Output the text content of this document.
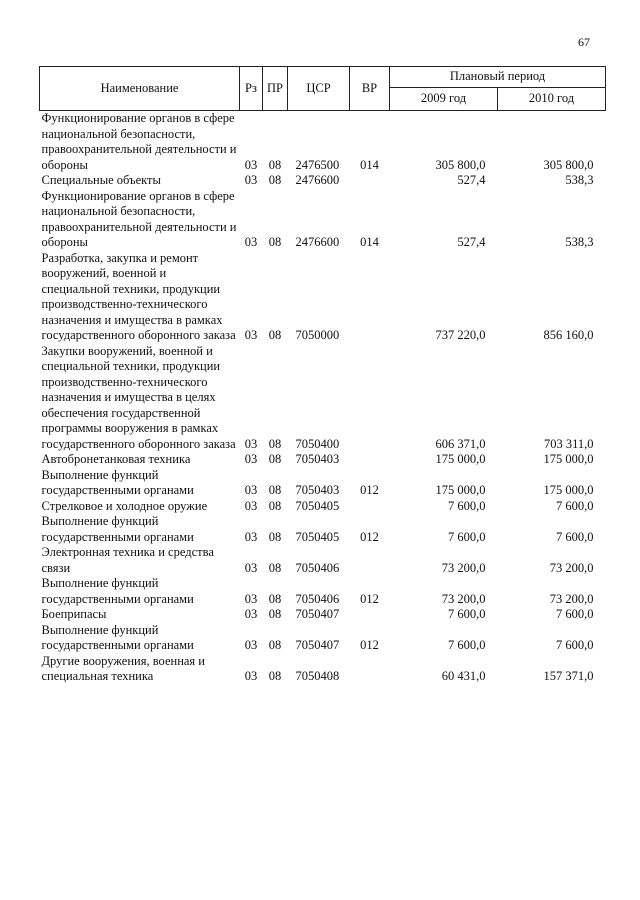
67
Наименование	Рз	ПР	ЦСР	ВР	Плановый период	
					2009 год	2010 год
Функционирование органов в сфере национальной безопасности, правоохранительной деятельности и обороны	03	08	2476500	014	305 800,0	305 800,0
Специальные объекты	03	08	2476600		527,4	538,3
Функционирование органов в сфере национальной безопасности, правоохранительной деятельности и обороны	03	08	2476600	014	527,4	538,3
Разработка, закупка и ремонт вооружений, военной и специальной техники, продукции производственно-технического назначения и имущества в рамках государственного оборонного заказа	03	08	7050000		737 220,0	856 160,0
Закупки вооружений, военной и специальной техники, продукции производственно-технического назначения и имущества в целях обеспечения государственной программы вооружения в рамках государственного оборонного заказа	03	08	7050400		606 371,0	703 311,0
Автобронетанковая техника	03	08	7050403		175 000,0	175 000,0
Выполнение функций государственными органами	03	08	7050403	012	175 000,0	175 000,0
Стрелковое и холодное оружие	03	08	7050405		7 600,0	7 600,0
Выполнение функций государственными органами	03	08	7050405	012	7 600,0	7 600,0
Электронная техника и средства связи	03	08	7050406		73 200,0	73 200,0
Выполнение функций государственными органами	03	08	7050406	012	73 200,0	73 200,0
Боеприпасы	03	08	7050407		7 600,0	7 600,0
Выполнение функций государственными органами	03	08	7050407	012	7 600,0	7 600,0
Другие вооружения, военная и специальная техника	03	08	7050408		60 431,0	157 371,0
